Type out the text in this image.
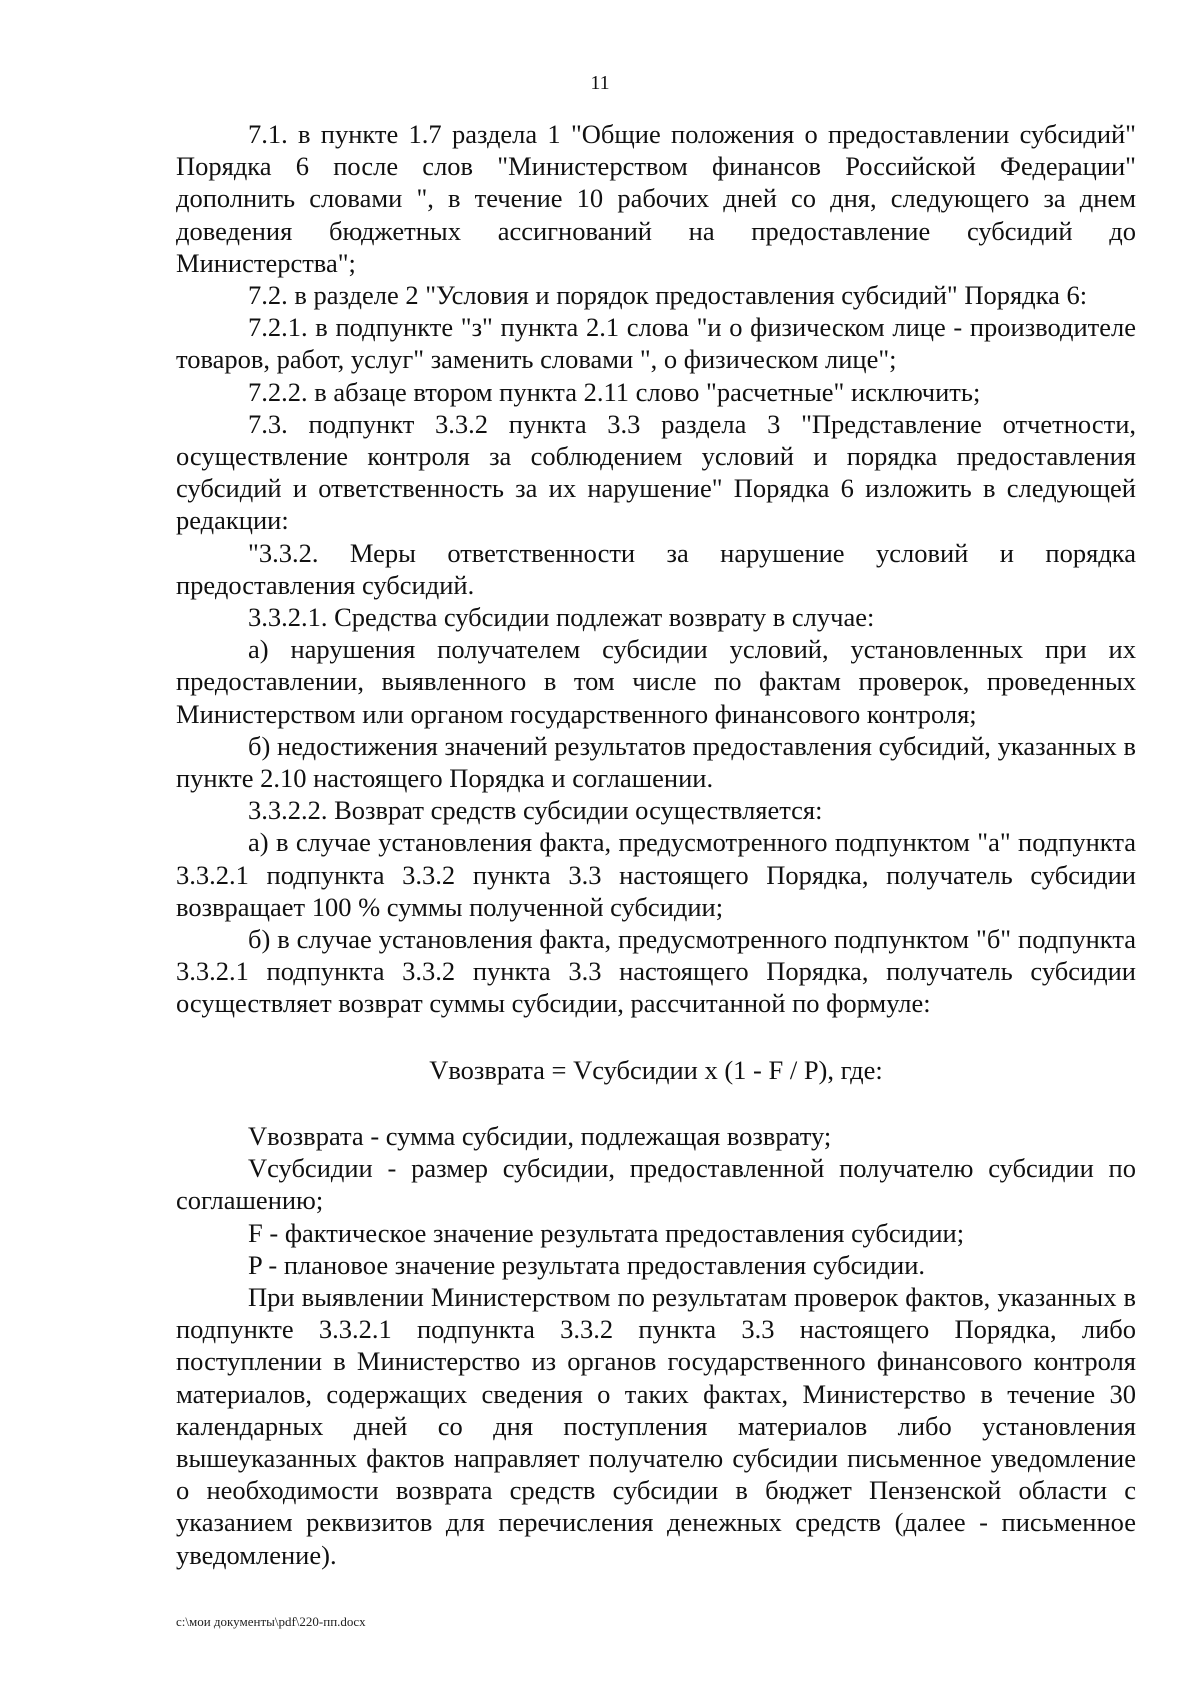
11

7.1. в пункте 1.7 раздела 1 "Общие положения о предоставлении субсидий" Порядка 6 после слов "Министерством финансов Российской Федерации" дополнить словами ", в течение 10 рабочих дней со дня, следующего за днем доведения бюджетных ассигнований на предоставление субсидий до Министерства";

7.2. в разделе 2 "Условия и порядок предоставления субсидий" Порядка 6:

7.2.1. в подпункте "з" пункта 2.1 слова "и о физическом лице - производителе товаров, работ, услуг" заменить словами ", о физическом лице";

7.2.2. в абзаце втором пункта 2.11 слово "расчетные" исключить;

7.3. подпункт 3.3.2 пункта 3.3 раздела 3 "Представление отчетности, осуществление контроля за соблюдением условий и порядка предоставления субсидий и ответственность за их нарушение" Порядка 6 изложить в следующей редакции:

"3.3.2. Меры ответственности за нарушение условий и порядка предоставления субсидий.

3.3.2.1. Средства субсидии подлежат возврату в случае:

а) нарушения получателем субсидии условий, установленных при их предоставлении, выявленного в том числе по фактам проверок, проведенных Министерством или органом государственного финансового контроля;

б) недостижения значений результатов предоставления субсидий, указанных в пункте 2.10 настоящего Порядка и соглашении.

3.3.2.2. Возврат средств субсидии осуществляется:

а) в случае установления факта, предусмотренного подпунктом "а" подпункта 3.3.2.1 подпункта 3.3.2 пункта 3.3 настоящего Порядка, получатель субсидии возвращает 100 % суммы полученной субсидии;

б) в случае установления факта, предусмотренного подпунктом "б" подпункта 3.3.2.1 подпункта 3.3.2 пункта 3.3 настоящего Порядка, получатель субсидии осуществляет возврат суммы субсидии, рассчитанной по формуле:

Vвозврата = Vсубсидии x (1 - F / P), где:

Vвозврата - сумма субсидии, подлежащая возврату;

Vсубсидии - размер субсидии, предоставленной получателю субсидии по соглашению;

F - фактическое значение результата предоставления субсидии;

P - плановое значение результата предоставления субсидии.

При выявлении Министерством по результатам проверок фактов, указанных в подпункте 3.3.2.1 подпункта 3.3.2 пункта 3.3 настоящего Порядка, либо поступлении в Министерство из органов государственного финансового контроля материалов, содержащих сведения о таких фактах, Министерство в течение 30 календарных дней со дня поступления материалов либо установления вышеуказанных фактов направляет получателю субсидии письменное уведомление о необходимости возврата средств субсидии в бюджет Пензенской области с указанием реквизитов для перечисления денежных средств (далее - письменное уведомление).

c:\мои документы\pdf\220-пп.docx
